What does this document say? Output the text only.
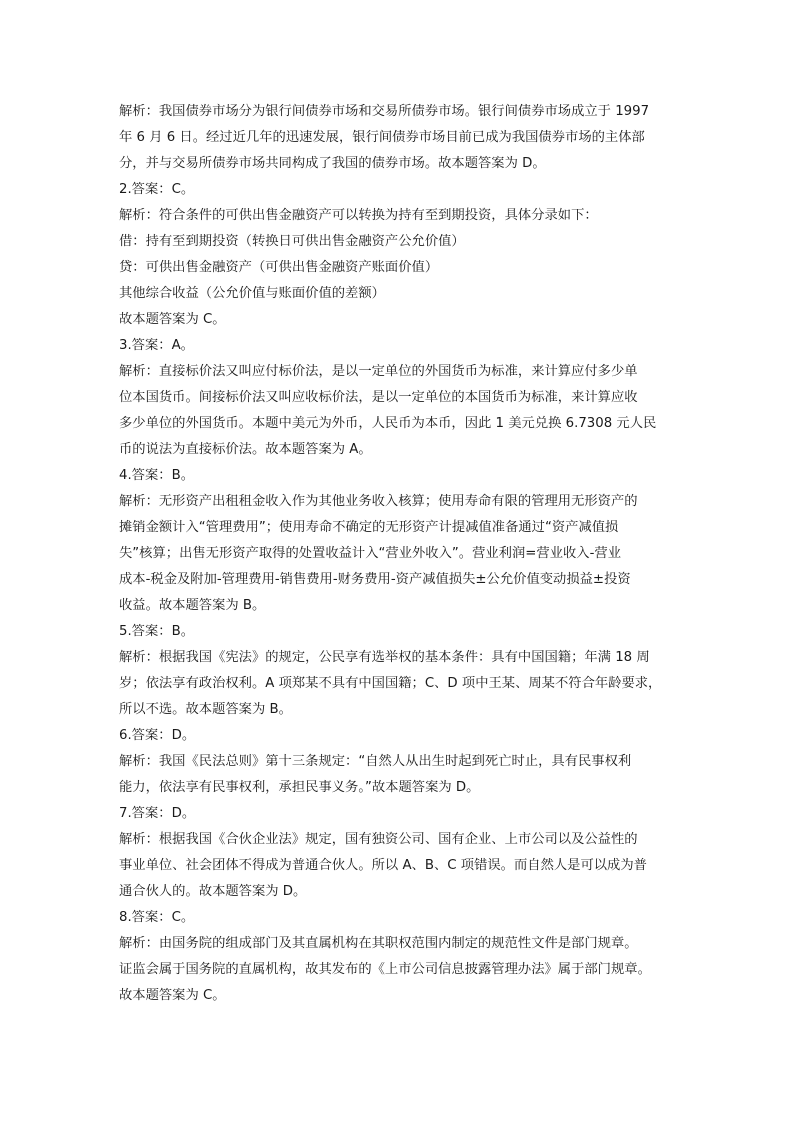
解析：我国债券市场分为银行间债券市场和交易所债券市场。银行间债券市场成立于 1997
年 6 月 6 日。经过近几年的迅速发展，银行间债券市场目前已成为我国债券市场的主体部
分，并与交易所债券市场共同构成了我国的债券市场。故本题答案为 D。
2.答案：C。
解析：符合条件的可供出售金融资产可以转换为持有至到期投资，具体分录如下：
借：持有至到期投资（转换日可供出售金融资产公允价值）
贷：可供出售金融资产（可供出售金融资产账面价值）
其他综合收益（公允价值与账面价值的差额）
故本题答案为 C。
3.答案：A。
解析：直接标价法又叫应付标价法，是以一定单位的外国货币为标准，来计算应付多少单
位本国货币。间接标价法又叫应收标价法，是以一定单位的本国货币为标准，来计算应收
多少单位的外国货币。本题中美元为外币，人民币为本币，因此 1 美元兑换 6.7308 元人民
币的说法为直接标价法。故本题答案为 A。
4.答案：B。
解析：无形资产出租租金收入作为其他业务收入核算；使用寿命有限的管理用无形资产的
摊销金额计入“管理费用”；使用寿命不确定的无形资产计提减值准备通过“资产减值损
失”核算；出售无形资产取得的处置收益计入“营业外收入”。营业利润=营业收入-营业
成本-税金及附加-管理费用-销售费用-财务费用-资产减值损失±公允价值变动损益±投资
收益。故本题答案为 B。
5.答案：B。
解析：根据我国《宪法》的规定，公民享有选举权的基本条件：具有中国国籍；年满 18 周
岁；依法享有政治权利。A 项郑某不具有中国国籍；C、D 项中王某、周某不符合年龄要求，
所以不选。故本题答案为 B。
6.答案：D。
解析：我国《民法总则》第十三条规定：“自然人从出生时起到死亡时止，具有民事权利
能力，依法享有民事权利，承担民事义务。”故本题答案为 D。
7.答案：D。
解析：根据我国《合伙企业法》规定，国有独资公司、国有企业、上市公司以及公益性的
事业单位、社会团体不得成为普通合伙人。所以 A、B、C 项错误。而自然人是可以成为普
通合伙人的。故本题答案为 D。
8.答案：C。
解析：由国务院的组成部门及其直属机构在其职权范围内制定的规范性文件是部门规章。
证监会属于国务院的直属机构，故其发布的《上市公司信息披露管理办法》属于部门规章。
故本题答案为 C。
